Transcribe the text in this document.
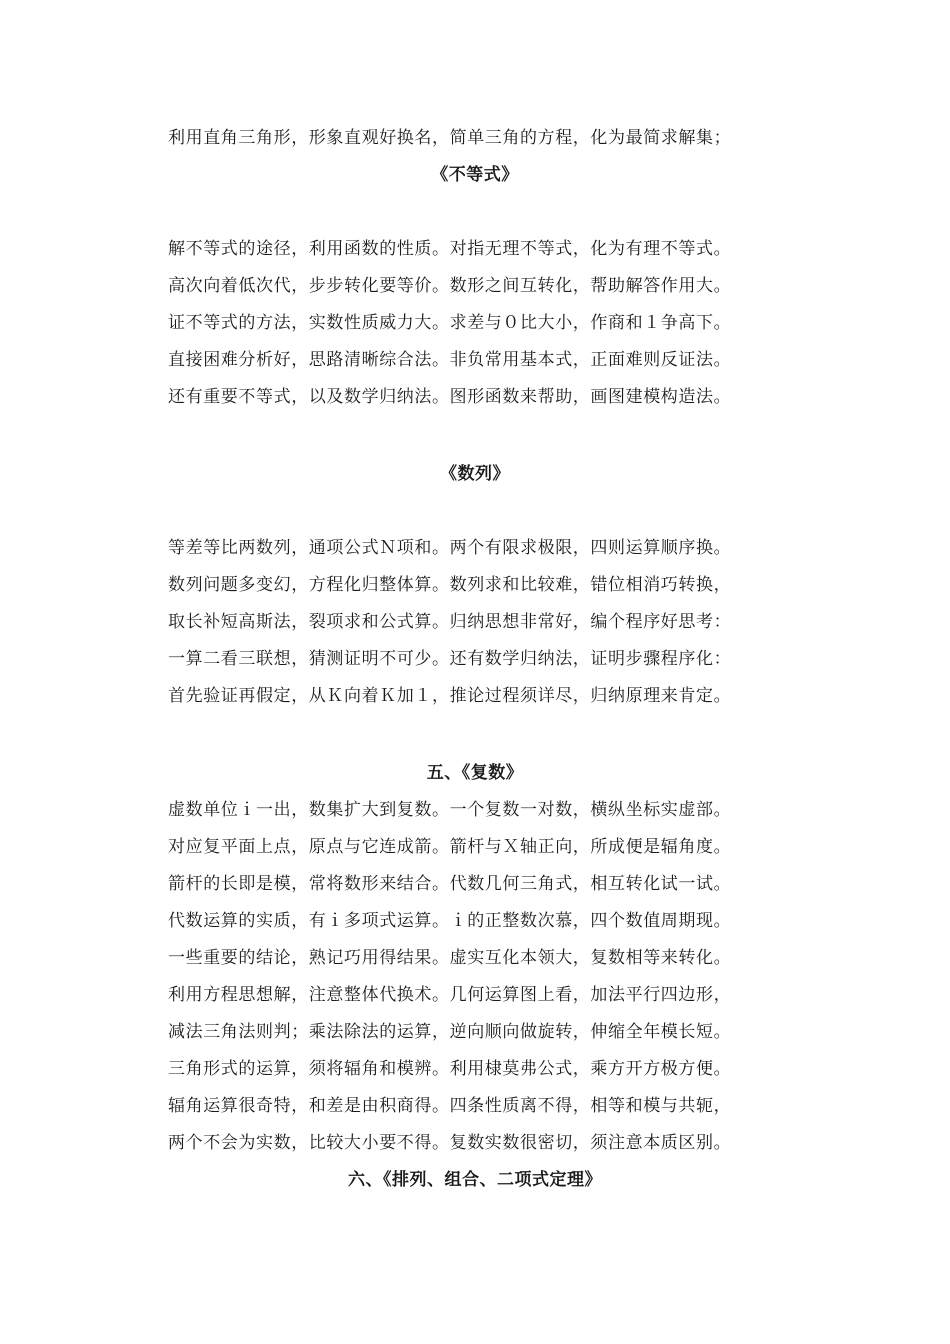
利用直角三角形，形象直观好换名，简单三角的方程，化为最简求解集；
《不等式》
解不等式的途径，利用函数的性质。对指无理不等式，化为有理不等式。
高次向着低次代，步步转化要等价。数形之间互转化，帮助解答作用大。
证不等式的方法，实数性质威力大。求差与０比大小，作商和１争高下。
直接困难分析好，思路清晰综合法。非负常用基本式，正面难则反证法。
还有重要不等式，以及数学归纳法。图形函数来帮助，画图建模构造法。
《数列》
等差等比两数列，通项公式Ｎ项和。两个有限求极限，四则运算顺序换。
数列问题多变幻，方程化归整体算。数列求和比较难，错位相消巧转换，
取长补短高斯法，裂项求和公式算。归纳思想非常好，编个程序好思考：
一算二看三联想，猜测证明不可少。还有数学归纳法，证明步骤程序化：
首先验证再假定，从Ｋ向着Ｋ加１，推论过程须详尽，归纳原理来肯定。
五、《复数》
虚数单位ｉ一出，数集扩大到复数。一个复数一对数，横纵坐标实虚部。
对应复平面上点，原点与它连成箭。箭杆与Ｘ轴正向，所成便是辐角度。
箭杆的长即是模，常将数形来结合。代数几何三角式，相互转化试一试。
代数运算的实质，有ｉ多项式运算。ｉ的正整数次慕，四个数值周期现。
一些重要的结论，熟记巧用得结果。虚实互化本领大，复数相等来转化。
利用方程思想解，注意整体代换术。几何运算图上看，加法平行四边形，
减法三角法则判；乘法除法的运算，逆向顺向做旋转，伸缩全年模长短。
三角形式的运算，须将辐角和模辨。利用棣莫弗公式，乘方开方极方便。
辐角运算很奇特，和差是由积商得。四条性质离不得，相等和模与共轭，
两个不会为实数，比较大小要不得。复数实数很密切，须注意本质区别。
六、《排列、组合、二项式定理》
